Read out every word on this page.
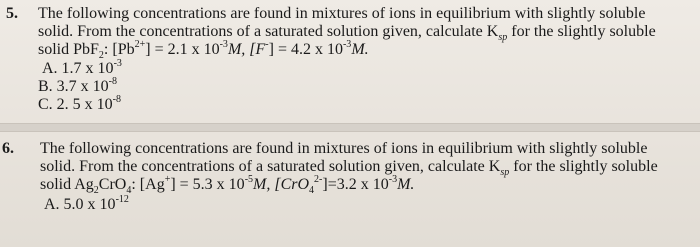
5. The following concentrations are found in mixtures of ions in equilibrium with slightly soluble
solid. From the concentrations of a saturated solution given, calculate $K_{sp}$ for the slightly soluble
solid PbF$_2$: $[Pb^{2+}] = 2.1$ x $10^{-3}M$, [F-] = 4.2 x $10^{-3}M$.
A. 1.7 x $10^{-3}$
B. 3.7 x $10^{-8}$
C. 2. 5 x $10^{-8}$
6. The following concentrations are found in mixtures of ions in equilibrium with slightly soluble
solid. From the concentrations of a saturated solution given, calculate $K_{sp}$ for the slightly soluble
solid $Ag_2CrO_4$: [Ag+] = 5.3 x $10^{-5}M$, [CrO$_4^{2-}$]=3.2 x $10^{-3}M$.
A. 5.0 x $10^{-12}$
